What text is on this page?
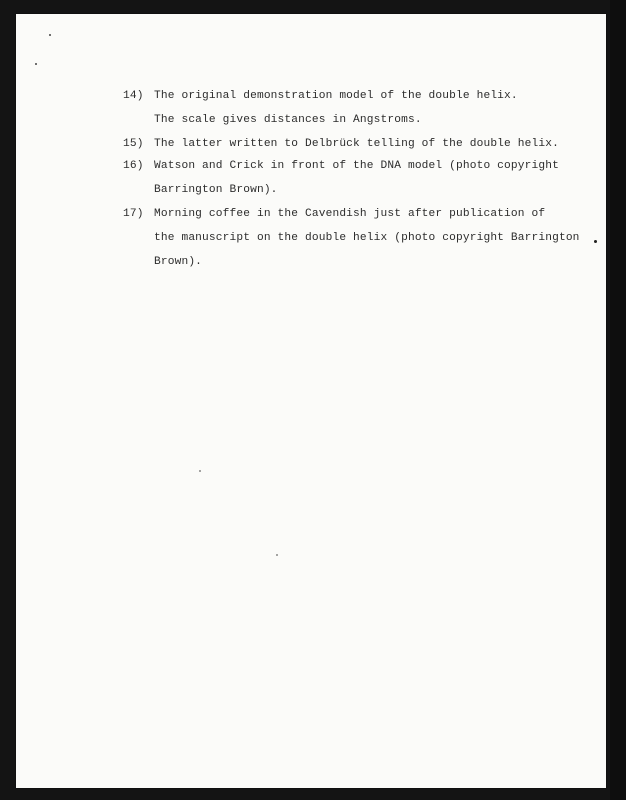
14) The original demonstration model of the double helix.
The scale gives distances in Angstroms.
15) The latter written to Delbrück telling of the double helix.
16) Watson and Crick in front of the DNA model (photo copyright
Barrington Brown).
17) Morning coffee in the Cavendish just after publication of
the manuscript on the double helix (photo copyright Barrington
Brown).
